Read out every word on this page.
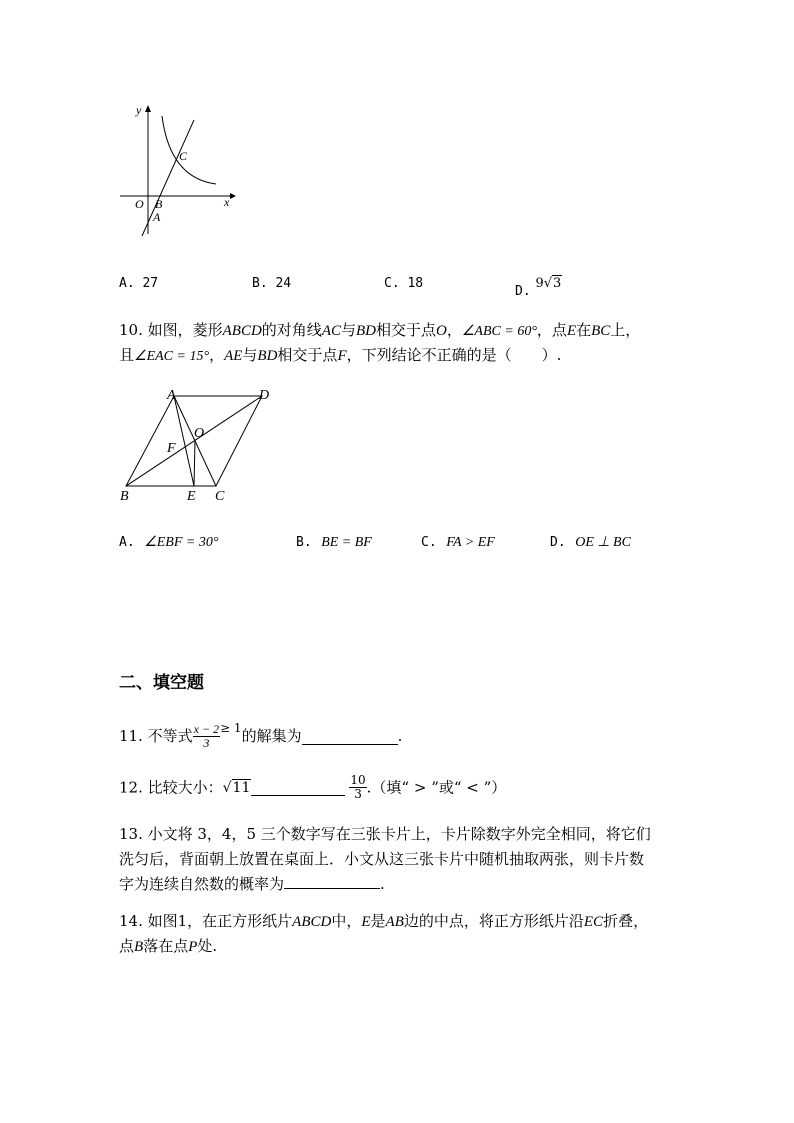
y
x
O B
A
C
A. 27	B. 24	C. 18
D. 9√3
10. 如图，菱形ABCD的对角线AC与BD相交于点O，∠ABC = 60°，点E在BC上，
且∠EAC = 15°，AE与BD相交于点F，下列结论不正确的是（　　）.
A	D
O
F
B	E C
A. ∠EBF = 30°	B. BE = BF	C. FA > EF	D. OE ⊥ BC
二、填空题
11. 不等式 $\frac{x - 2}{3} ^{\ge 1}$的解集为	.
12. 比较大小：√11	$\frac{10}{3}$ .（填“ > ”或“ < ”）
13. 小文将 3，4，5 三个数字写在三张卡片上，卡片除数字外完全相同，将它们
洗匀后，背面朝上放置在桌面上．小文从这三张卡片中随机抽取两张，则卡片数
字为连续自然数的概率为	.
14. 如图1，在正方形纸片ABCD中，E是AB边的中点，将正方形纸片沿EC折叠，
点B落在点P处.
